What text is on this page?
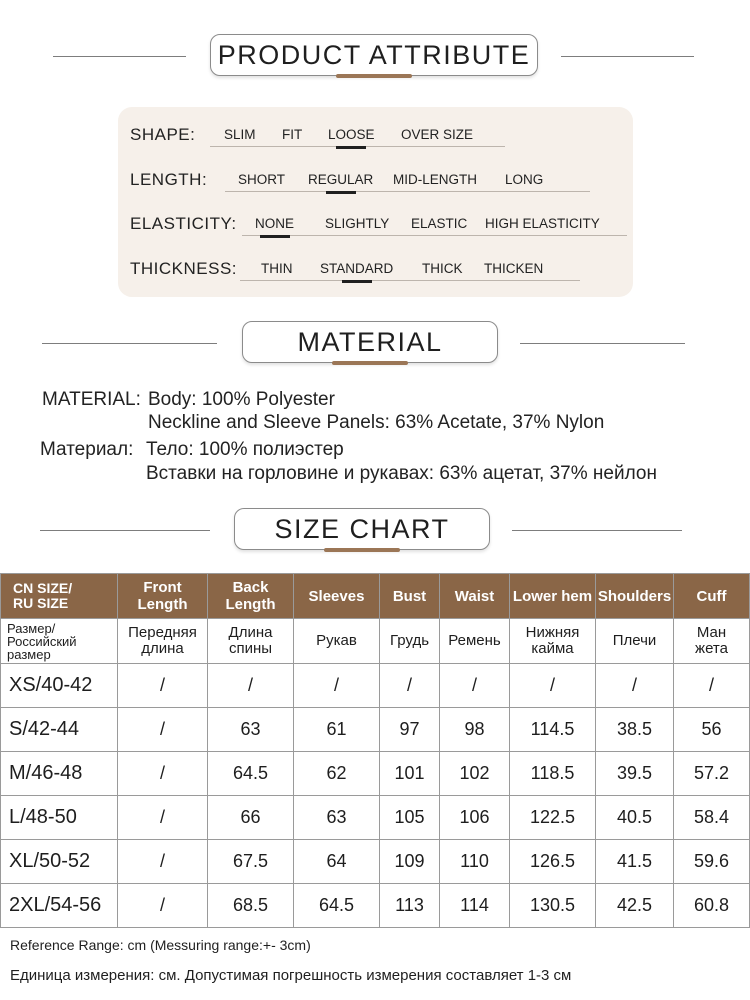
PRODUCT ATTRIBUTE
SHAPE: SLIM FIT LOOSE OVER SIZE
LENGTH: SHORT REGULAR MID-LENGTH LONG
ELASTICITY: NONE SLIGHTLY ELASTIC HIGH ELASTICITY
THICKNESS: THIN STANDARD THICK THICKEN
MATERIAL
MATERIAL: Body: 100% Polyester
Neckline and Sleeve Panels: 63% Acetate, 37% Nylon
Материал: Тело: 100% полиэстер
Вставки на горловине и рукавах: 63% ацетат, 37% нейлон
SIZE CHART
CN SIZE/
RU SIZE	Front Length	Back Length	Sleeves	Bust	Waist	Lower hem	Shoulders	Cuff
Размер/
Российский
размер	Передняя
длина	Длина
спины	Рукав	Грудь	Ремень	Нижняя
кайма	Плечи	Ман
жета
XS/40-42	/	/	/	/	/	/	/	/
S/42-44	/	63	61	97	98	114.5	38.5	56
M/46-48	/	64.5	62	101	102	118.5	39.5	57.2
L/48-50	/	66	63	105	106	122.5	40.5	58.4
XL/50-52	/	67.5	64	109	110	126.5	41.5	59.6
2XL/54-56	/	68.5	64.5	113	114	130.5	42.5	60.8
Reference Range: cm (Messuring range:+- 3cm)
Единица измерения: см. Допустимая погрешность измерения составляет 1-3 см
